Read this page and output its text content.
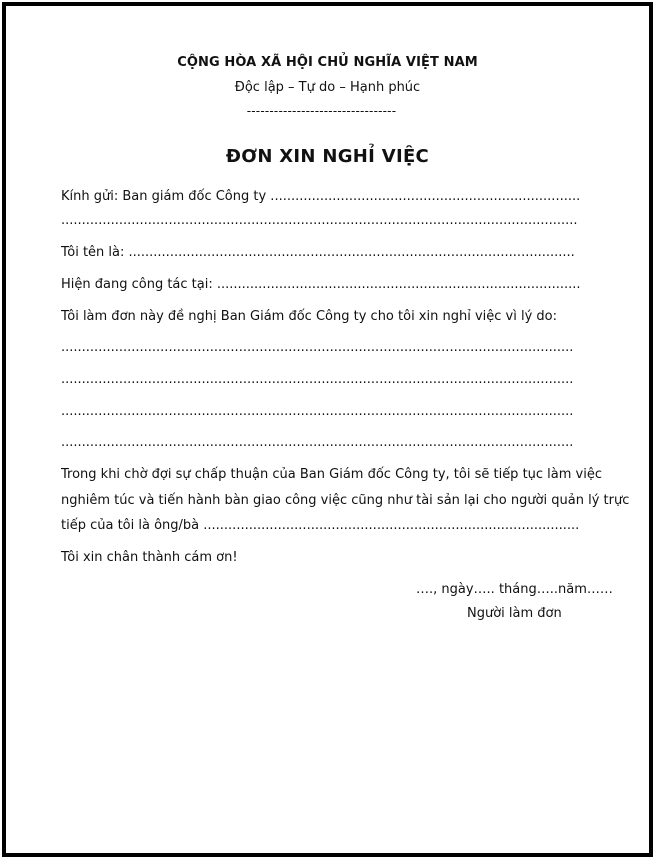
CỘNG HÒA XÃ HỘI CHỦ NGHĨA VIỆT NAM
Độc lập – Tự do – Hạnh phúc
---------------------------------
ĐƠN XIN NGHỈ VIỆC
Kính gửi: Ban giám đốc Công ty ...........................................................................
.............................................................................................................................
Tôi tên là: ............................................................................................................
Hiện đang công tác tại: ........................................................................................
Tôi làm đơn này đề nghị Ban Giám đốc Công ty cho tôi xin nghỉ việc vì lý do:
............................................................................................................................
............................................................................................................................
............................................................................................................................
............................................................................................................................
Trong khi chờ đợi sự chấp thuận của Ban Giám đốc Công ty, tôi sẽ tiếp tục làm việc
nghiêm túc và tiến hành bàn giao công việc cũng như tài sản lại cho người quản lý trực
tiếp của tôi là ông/bà ...........................................................................................
Tôi xin chân thành cám ơn!
…., ngày….. tháng…..năm……
Người làm đơn
